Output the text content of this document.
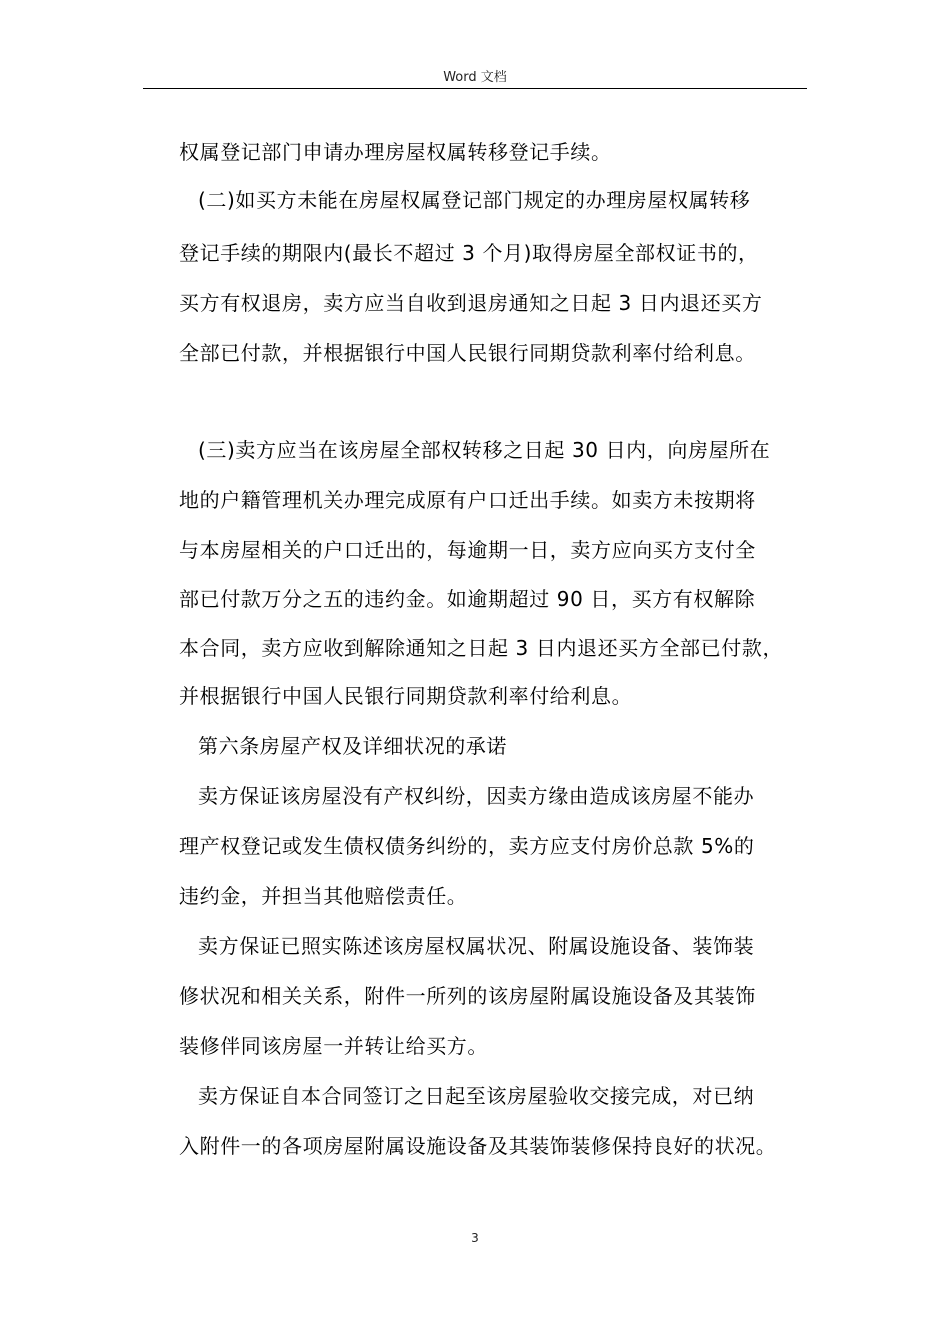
Word 文档
权属登记部门申请办理房屋权属转移登记手续。
(二)如买方未能在房屋权属登记部门规定的办理房屋权属转移
登记手续的期限内(最长不超过 3 个月)取得房屋全部权证书的，
买方有权退房，卖方应当自收到退房通知之日起 3 日内退还买方
全部已付款，并根据银行中国人民银行同期贷款利率付给利息。
(三)卖方应当在该房屋全部权转移之日起 30 日内，向房屋所在
地的户籍管理机关办理完成原有户口迁出手续。如卖方未按期将
与本房屋相关的户口迁出的，每逾期一日，卖方应向买方支付全
部已付款万分之五的违约金。如逾期超过 90 日，买方有权解除
本合同，卖方应收到解除通知之日起 3 日内退还买方全部已付款，
并根据银行中国人民银行同期贷款利率付给利息。
第六条房屋产权及详细状况的承诺
卖方保证该房屋没有产权纠纷，因卖方缘由造成该房屋不能办
理产权登记或发生债权债务纠纷的，卖方应支付房价总款 5%的
违约金，并担当其他赔偿责任。
卖方保证已照实陈述该房屋权属状况、附属设施设备、装饰装
修状况和相关关系，附件一所列的该房屋附属设施设备及其装饰
装修伴同该房屋一并转让给买方。
卖方保证自本合同签订之日起至该房屋验收交接完成，对已纳
入附件一的各项房屋附属设施设备及其装饰装修保持良好的状况。
3
